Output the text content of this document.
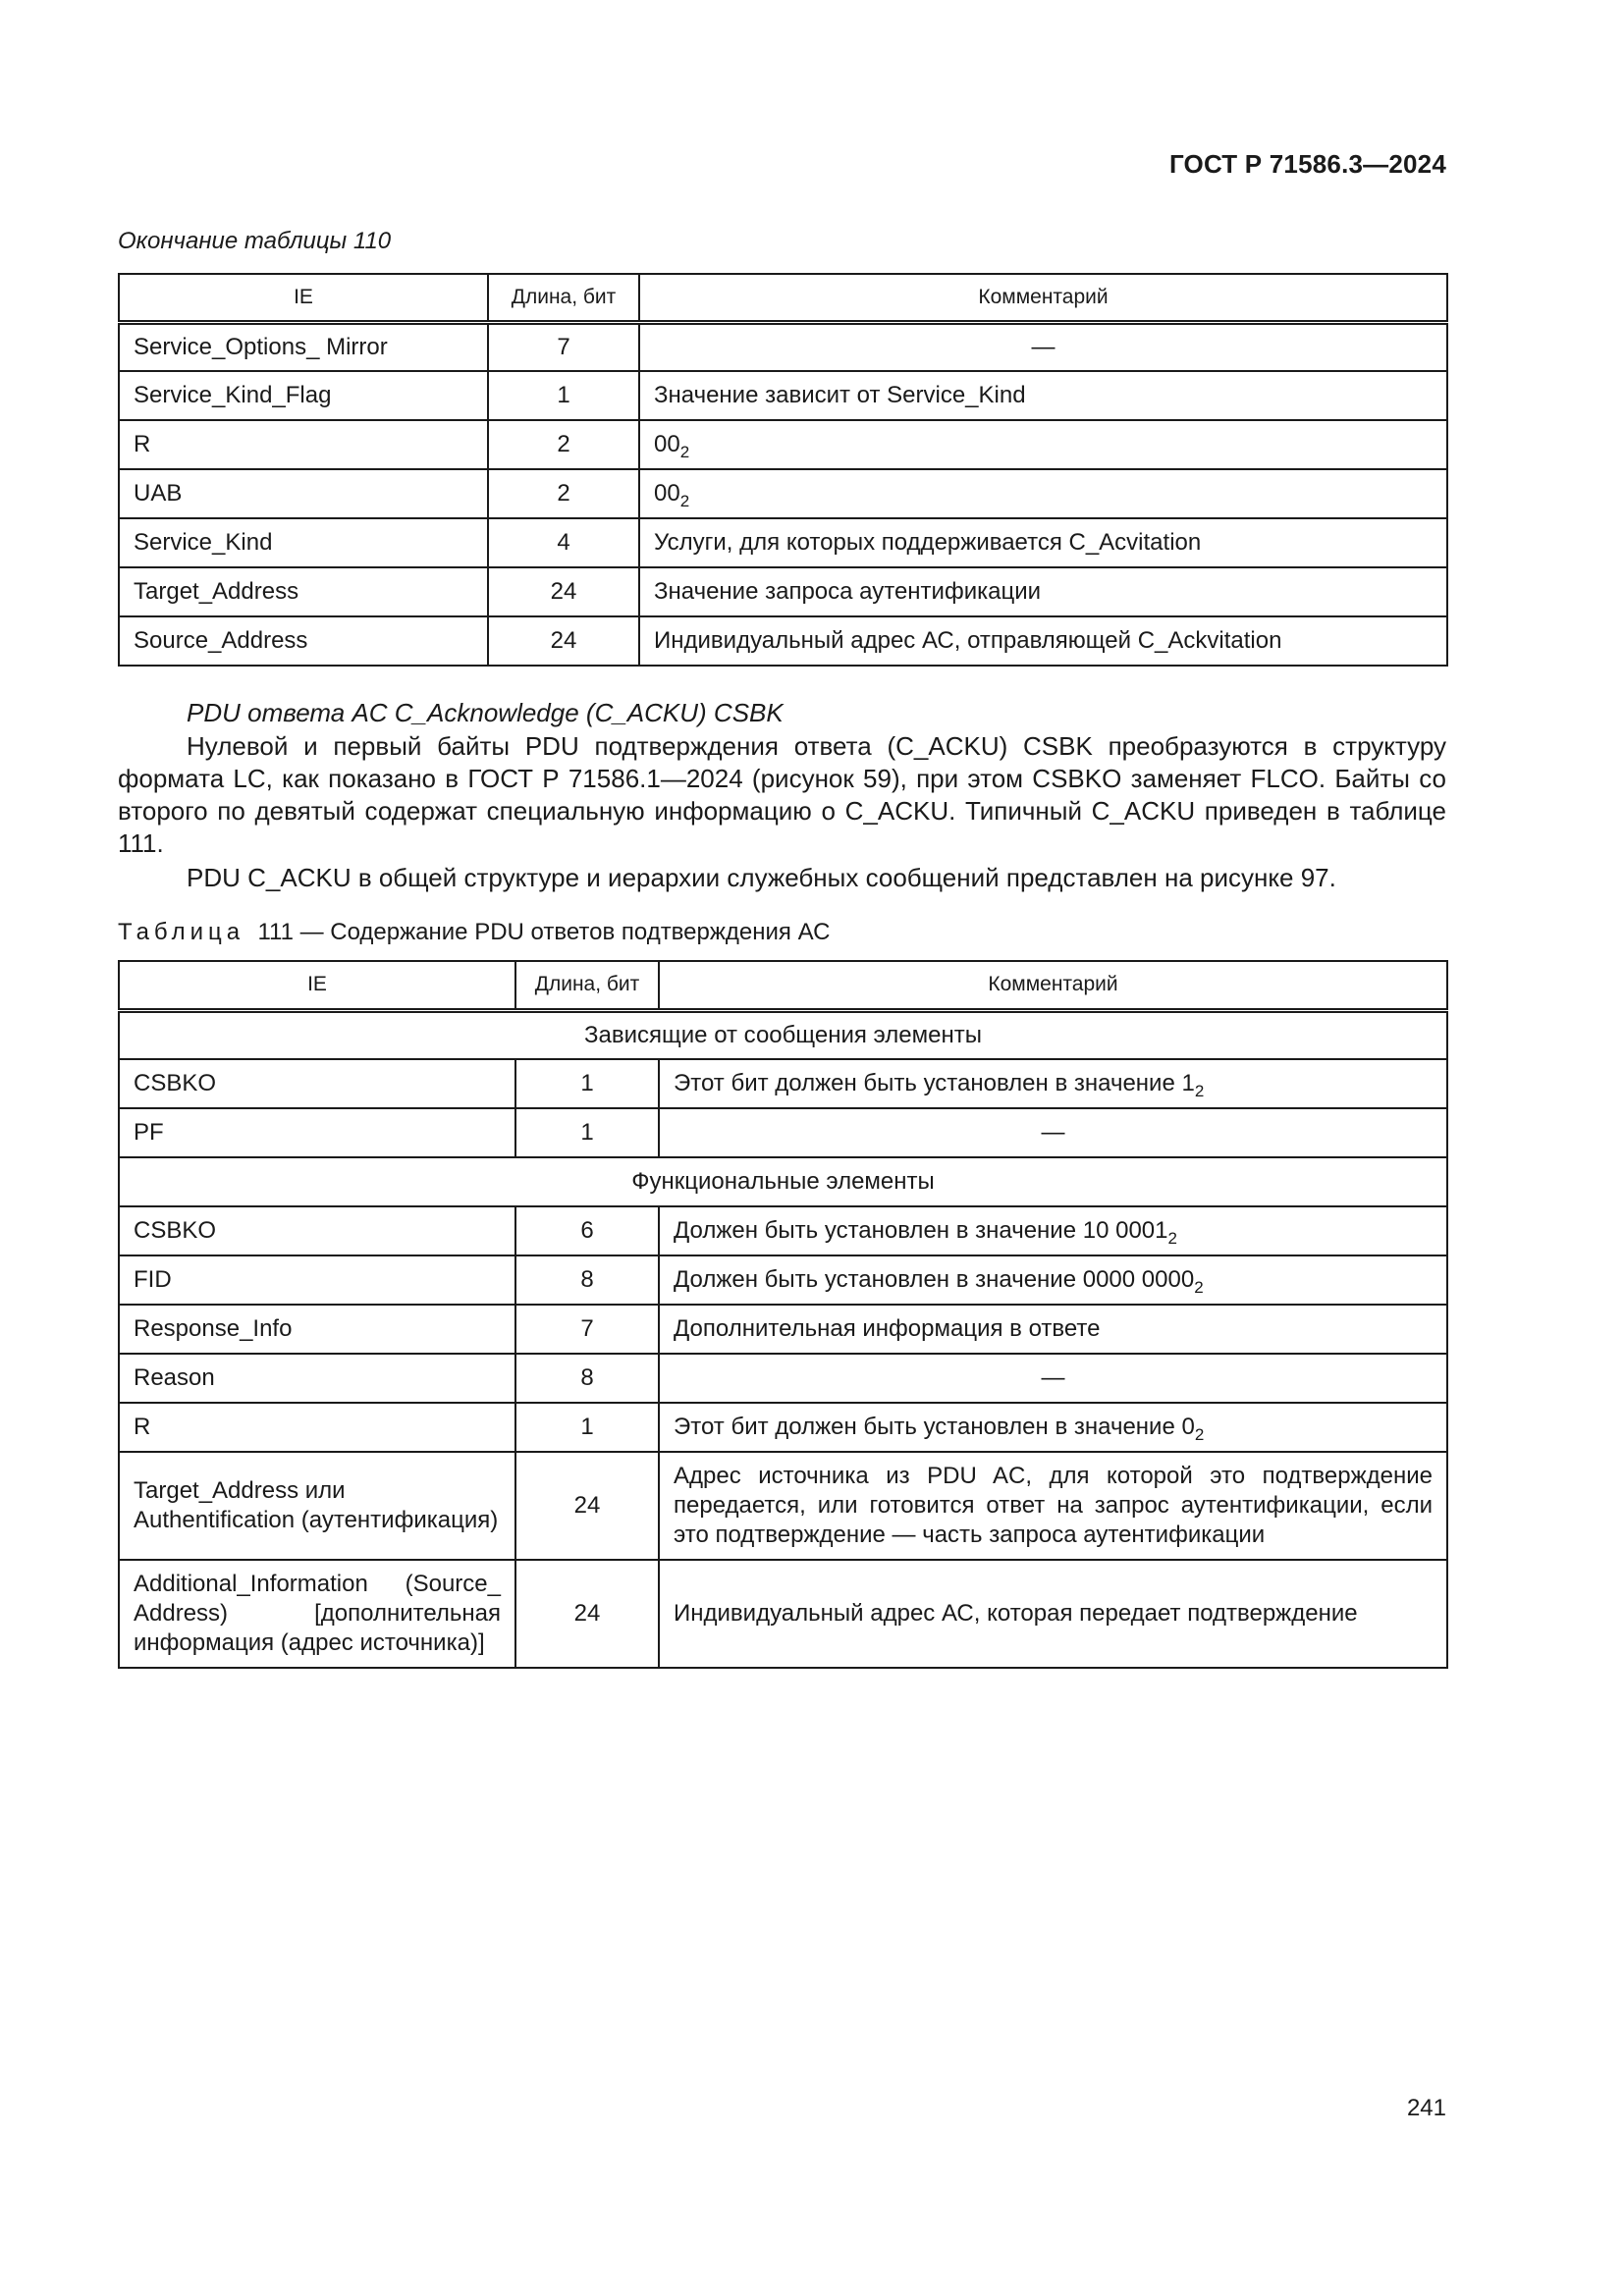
ГОСТ Р 71586.3—2024
Окончание таблицы 110
IE	Длина, бит	Комментарий
Service_Options_ Mirror	7	—
Service_Kind_Flag	1	Значение зависит от Service_Kind
R	2	$00_2$
UAB	2	$00_2$
Service_Kind	4	Услуги, для которых поддерживается C_Acvitation
Target_Address	24	Значение запроса аутентификации
Source_Address	24	Индивидуальный адрес АС, отправляющей C_Ackvitation
PDU ответа AC C_Acknowledge (C_ACKU) CSBK
Нулевой и первый байты PDU подтверждения ответа (C_ACKU) CSBK преобразуются в структуру формата LC, как показано в ГОСТ Р 71586.1—2024 (рисунок 59), при этом CSBKO заменяет FLCO. Байты со второго по девятый содержат специальную информацию о C_ACKU. Типичный C_ACKU приведен в таблице 111.
PDU C_ACKU в общей структуре и иерархии служебных сообщений представлен на рисунке 97.
Таблица 111 — Содержание PDU ответов подтверждения АС
IE	Длина, бит	Комментарий
Зависящие от сообщения элементы		
CSBKO	1	Этот бит должен быть установлен в значение $1_2$
PF	1	—
Функциональные элементы		
CSBKO	6	Должен быть установлен в значение 10 $0001_2$
FID	8	Должен быть установлен в значение 0000 $0000_2$
Response_Info	7	Дополнительная информация в ответе
Reason	8	—
R	1	Этот бит должен быть установлен в значение $0_2$
Target_Address или Authentification (аутентификация)	24	Адрес источника из PDU AC, для которой это подтверждение передается, или готовится ответ на запрос аутентификации, если это подтверждение — часть запроса аутентификации
Additional_Information (Source_ Address) [дополнительная информация (адрес источника)]	24	Индивидуальный адрес АС, которая передает подтверждение
241
